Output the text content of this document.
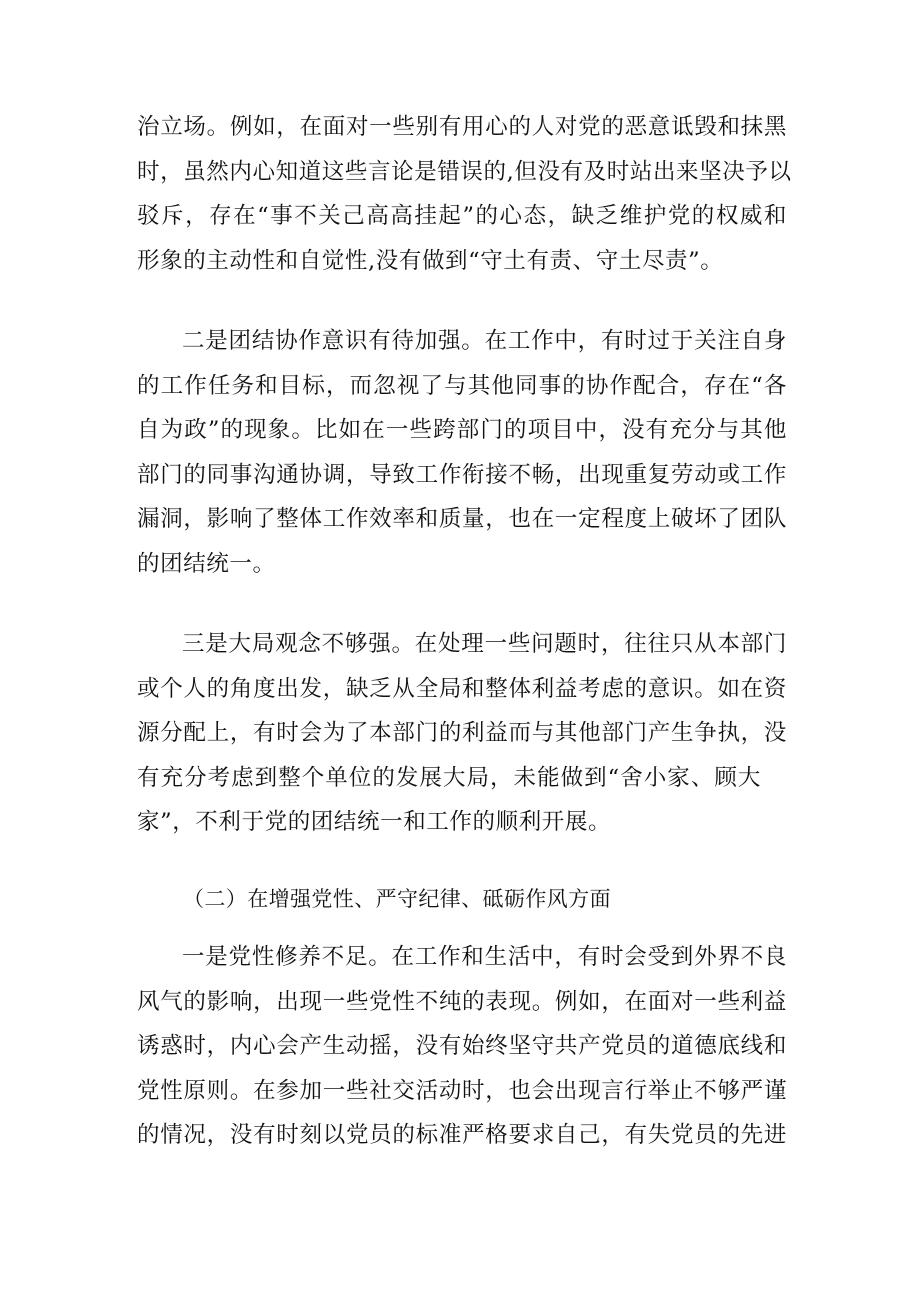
治立场。例如，在面对一些别有用心的人对党的恶意诋毁和抹黑
时，虽然内心知道这些言论是错误的,但没有及时站出来坚决予以
驳斥，存在“事不关己高高挂起”的心态，缺乏维护党的权威和
形象的主动性和自觉性,没有做到“守土有责、守土尽责”。
二是团结协作意识有待加强。在工作中，有时过于关注自身
的工作任务和目标，而忽视了与其他同事的协作配合，存在“各
自为政”的现象。比如在一些跨部门的项目中，没有充分与其他
部门的同事沟通协调，导致工作衔接不畅，出现重复劳动或工作
漏洞，影响了整体工作效率和质量，也在一定程度上破坏了团队
的团结统一。
三是大局观念不够强。在处理一些问题时，往往只从本部门
或个人的角度出发，缺乏从全局和整体利益考虑的意识。如在资
源分配上，有时会为了本部门的利益而与其他部门产生争执，没
有充分考虑到整个单位的发展大局，未能做到“舍小家、顾大
家”，不利于党的团结统一和工作的顺利开展。
（二）在增强党性、严守纪律、砥砺作风方面
一是党性修养不足。在工作和生活中，有时会受到外界不良
风气的影响，出现一些党性不纯的表现。例如，在面对一些利益
诱惑时，内心会产生动摇，没有始终坚守共产党员的道德底线和
党性原则。在参加一些社交活动时，也会出现言行举止不够严谨
的情况，没有时刻以党员的标准严格要求自己，有失党员的先进
